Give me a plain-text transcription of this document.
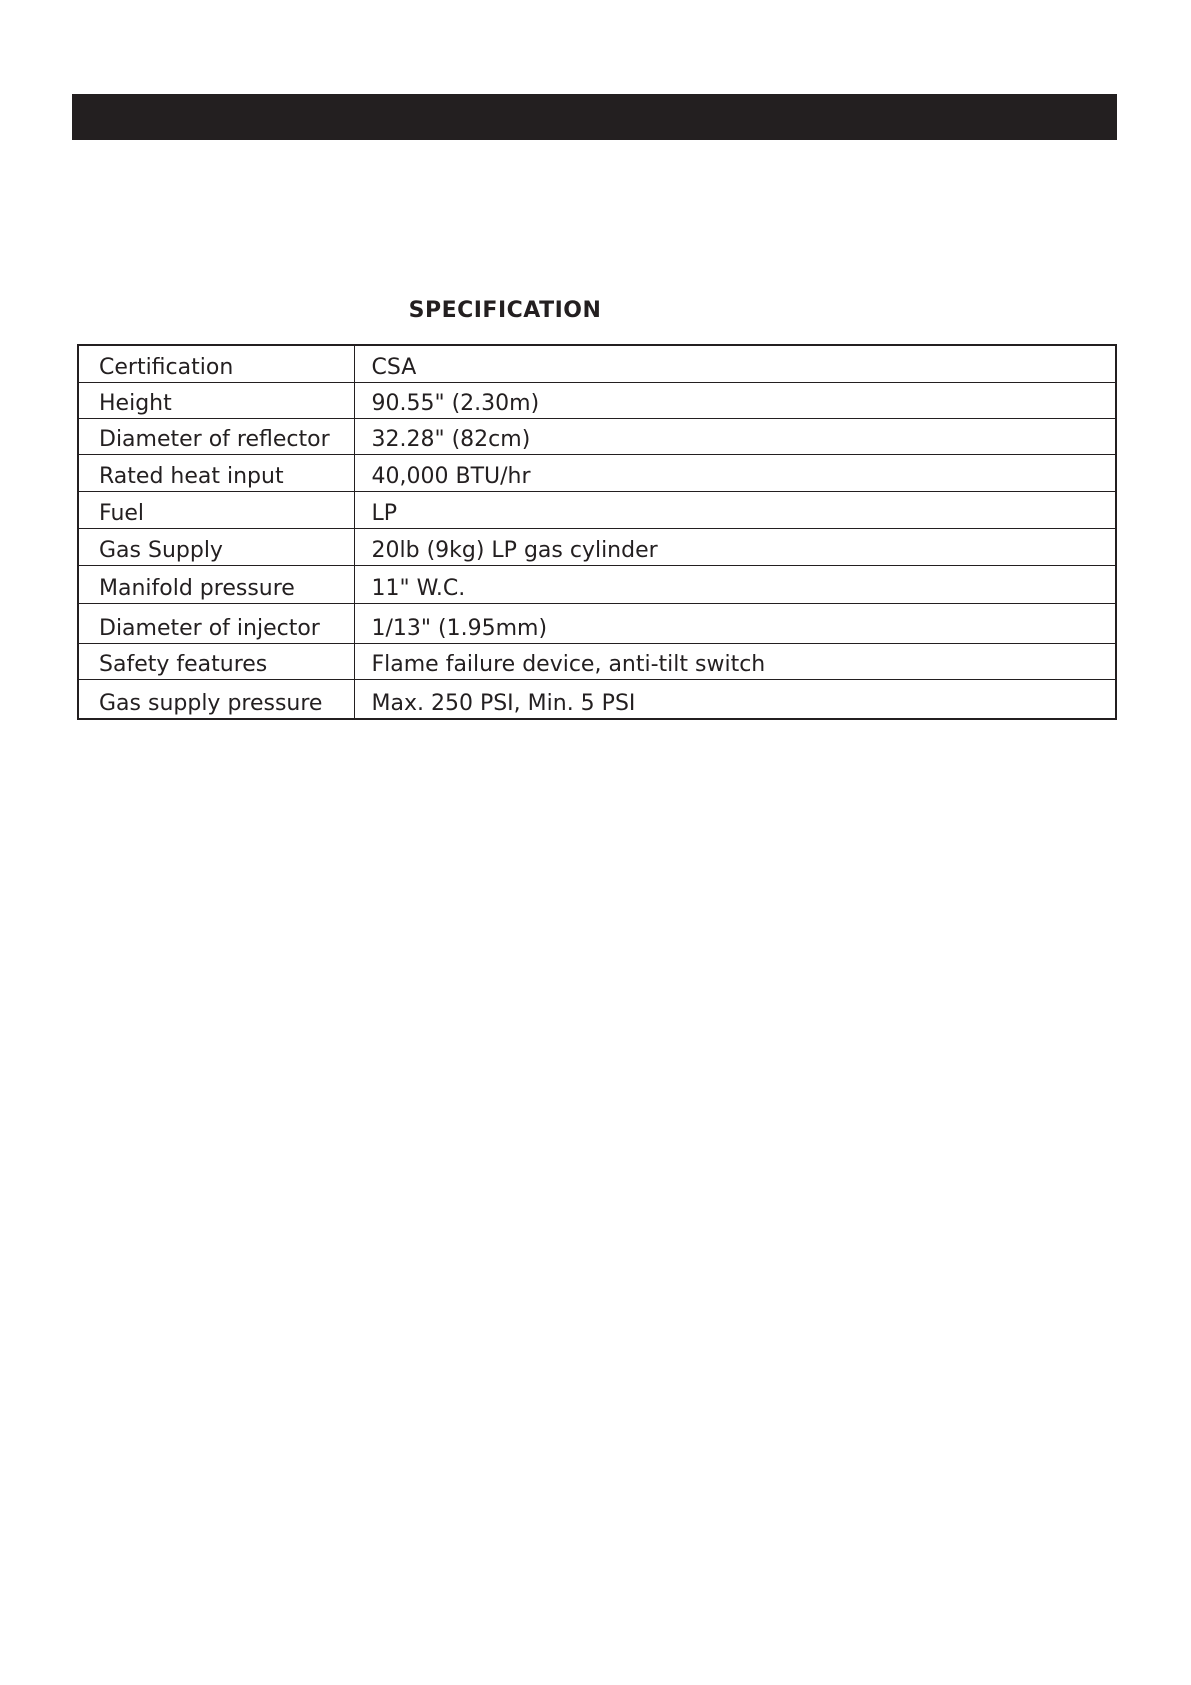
SPECIFICATION
Certification	CSA
Height	90.55" (2.30m)
Diameter of reflector	32.28" (82cm)
Rated heat input	40,000 BTU/hr
Fuel	LP
Gas Supply	20lb (9kg) LP gas cylinder
Manifold pressure	11" W.C.
Diameter of injector	1/13" (1.95mm)
Safety features	Flame failure device, anti-tilt switch
Gas supply pressure	Max. 250 PSI, Min. 5 PSI
